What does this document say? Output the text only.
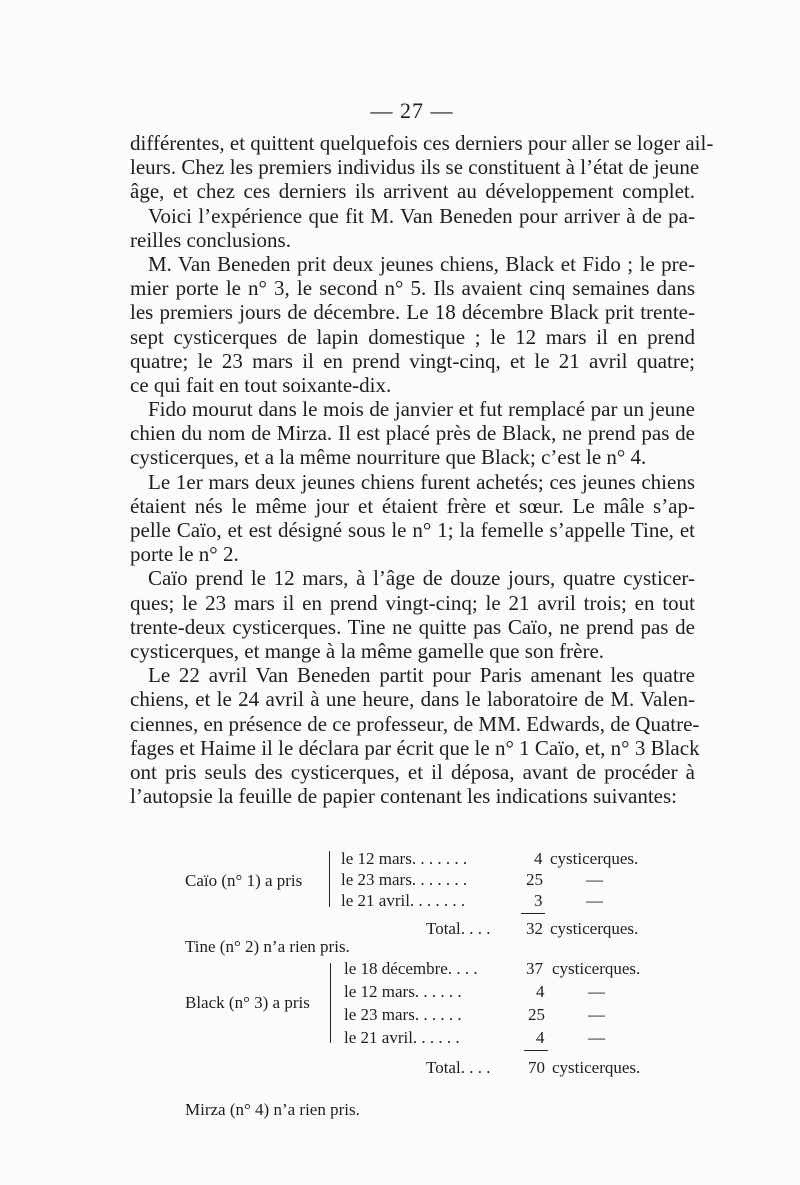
— 27 —
différentes, et quittent quelquefois ces derniers pour aller se loger ail-
leurs. Chez les premiers individus ils se constituent à l’état de jeune
âge, et chez ces derniers ils arrivent au développement complet.
Voici l’expérience que fit M. Van Beneden pour arriver à de pa-
reilles conclusions.
M. Van Beneden prit deux jeunes chiens, Black et Fido ; le pre-
mier porte le n° 3, le second n° 5. Ils avaient cinq semaines dans
les premiers jours de décembre. Le 18 décembre Black prit trente-
sept cysticerques de lapin domestique ; le 12 mars il en prend
quatre; le 23 mars il en prend vingt-cinq, et le 21 avril quatre;
ce qui fait en tout soixante-dix.
Fido mourut dans le mois de janvier et fut remplacé par un jeune
chien du nom de Mirza. Il est placé près de Black, ne prend pas de
cysticerques, et a la même nourriture que Black; c’est le n° 4.
Le 1er mars deux jeunes chiens furent achetés; ces jeunes chiens
étaient nés le même jour et étaient frère et sœur. Le mâle s’ap-
pelle Caïo, et est désigné sous le n° 1; la femelle s’appelle Tine, et
porte le n° 2.
Caïo prend le 12 mars, à l’âge de douze jours, quatre cysticer-
ques; le 23 mars il en prend vingt-cinq; le 21 avril trois; en tout
trente-deux cysticerques. Tine ne quitte pas Caïo, ne prend pas de
cysticerques, et mange à la même gamelle que son frère.
Le 22 avril Van Beneden partit pour Paris amenant les quatre
chiens, et le 24 avril à une heure, dans le laboratoire de M. Valen-
ciennes, en présence de ce professeur, de MM. Edwards, de Quatre-
fages et Haime il le déclara par écrit que le n° 1 Caïo, et, n° 3 Black
ont pris seuls des cysticerques, et il déposa, avant de procéder à
l’autopsie la feuille de papier contenant les indications suivantes:
Caïo (n° 1) a pris
le 12 mars. . . . . . .	4 cysticerques.
le 23 mars. . . . . . .	25	—
le 21 avril. . . . . . .	3	—
Total. . . . 32 cysticerques.
Tine (n° 2) n’a rien pris.
Black (n° 3) a pris
le 18 décembre. . . .	37 cysticerques.
le 12 mars. . . . . .	4	—
le 23 mars. . . . . .	25	—
le 21 avril. . . . . .	4	—
Total. . . . 70 cysticerques.
Mirza (n° 4) n’a rien pris.
